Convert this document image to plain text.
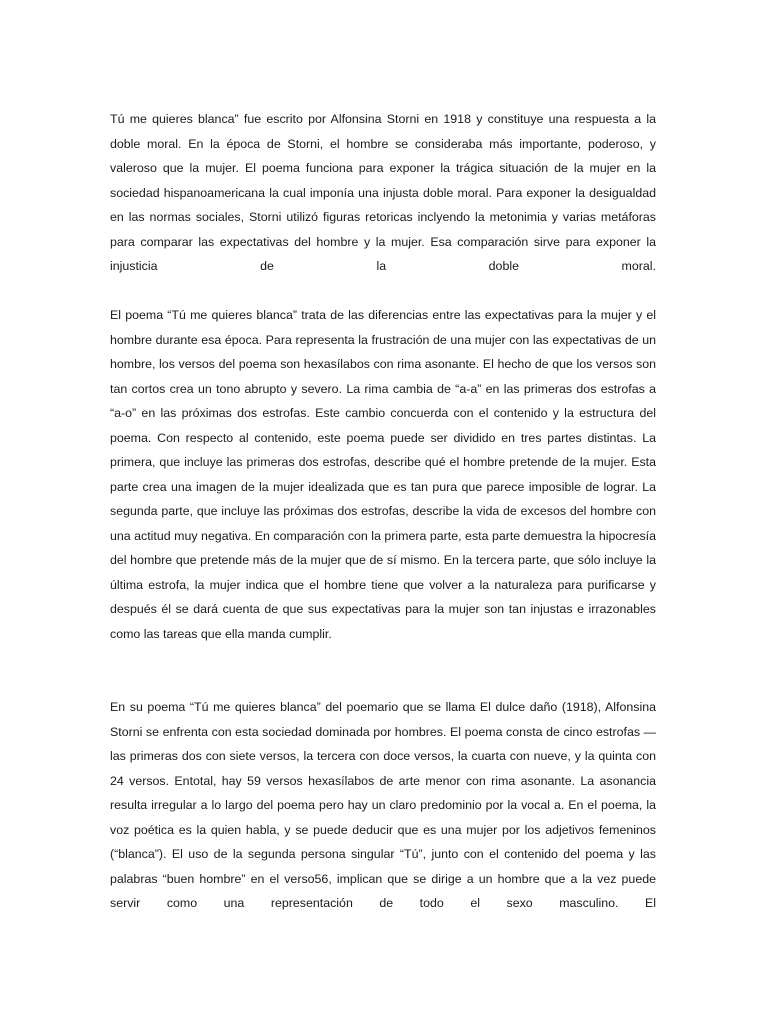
Tú me quieres blanca” fue escrito por Alfonsina Storni en 1918 y constituye una respuesta a la doble moral. En la época de Storni, el hombre se consideraba más importante, poderoso, y valeroso que la mujer. El poema funciona para exponer la trágica situación de la mujer en la sociedad hispanoamericana la cual imponía una injusta doble moral. Para exponer la desigualdad en las normas sociales, Storni utilizó figuras retoricas inclyendo la metonimia y varias metáforas para comparar las expectativas del hombre y la mujer. Esa comparación sirve para exponer la injusticia de la doble moral.

El poema “Tú me quieres blanca” trata de las diferencias entre las expectativas para la mujer y el hombre durante esa época. Para representa la frustración de una mujer con las expectativas de un hombre, los versos del poema son hexasílabos con rima asonante. El hecho de que los versos son tan cortos crea un tono abrupto y severo. La rima cambia de “a-a” en las primeras dos estrofas a “a-o” en las próximas dos estrofas. Este cambio concuerda con el contenido y la estructura del poema. Con respecto al contenido, este poema puede ser dividido en tres partes distintas. La primera, que incluye las primeras dos estrofas, describe qué el hombre pretende de la mujer. Esta parte crea una imagen de la mujer idealizada que es tan pura que parece imposible de lograr. La segunda parte, que incluye las próximas dos estrofas, describe la vida de excesos del hombre con una actitud muy negativa. En comparación con la primera parte, esta parte demuestra la hipocresía del hombre que pretende más de la mujer que de sí mismo. En la tercera parte, que sólo incluye la última estrofa, la mujer indica que el hombre tiene que volver a la naturaleza para purificarse y después él se dará cuenta de que sus expectativas para la mujer son tan injustas e irrazonables como las tareas que ella manda cumplir.

En su poema “Tú me quieres blanca” del poemario que se llama El dulce daño (1918), Alfonsina Storni se enfrenta con esta sociedad dominada por hombres. El poema consta de cinco estrofas —las primeras dos con siete versos, la tercera con doce versos, la cuarta con nueve, y la quinta con 24 versos. Entotal, hay 59 versos hexasílabos de arte menor con rima asonante. La asonancia resulta irregular a lo largo del poema pero hay un claro predominio por la vocal a. En el poema, la voz poética es la quien habla, y se puede deducir que es una mujer por los adjetivos femeninos (“blanca”). El uso de la segunda persona singular “Tú”, junto con el contenido del poema y las palabras “buen hombre” en el verso56, implican que se dirige a un hombre que a la vez puede servir como una representación de todo el sexo masculino. El
